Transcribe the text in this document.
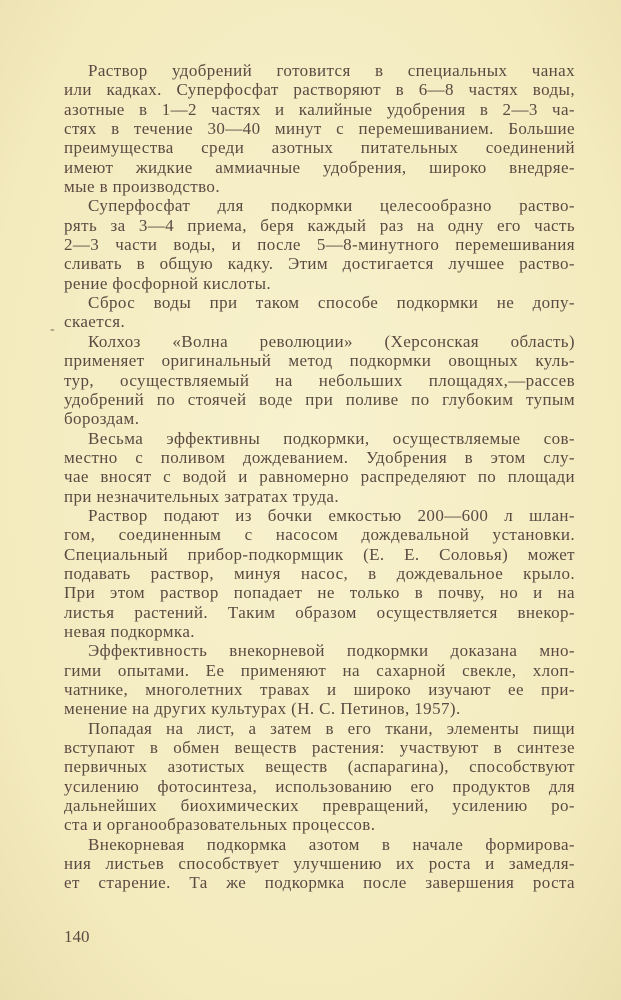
Раствор удобрений готовится в специальных чанах
или кадках. Суперфосфат растворяют в 6—8 частях воды,
азотные в 1—2 частях и калийные удобрения в 2—3 ча-
стях в течение 30—40 минут с перемешиванием. Большие
преимущества среди азотных питательных соединений
имеют жидкие аммиачные удобрения, широко внедряе-
мые в производство.
Суперфосфат для подкормки целесообразно раство-
рять за 3—4 приема, беря каждый раз на одну его часть
2—3 части воды, и после 5—8-минутного перемешивания
сливать в общую кадку. Этим достигается лучшее раство-
рение фосфорной кислоты.
Сброс воды при таком способе подкормки не допу-
скается.
Колхоз «Волна революции» (Херсонская область)
применяет оригинальный метод подкормки овощных куль-
тур, осуществляемый на небольших площадях,—рассев
удобрений по стоячей воде при поливе по глубоким тупым
бороздам.
Весьма эффективны подкормки, осуществляемые сов-
местно с поливом дождеванием. Удобрения в этом слу-
чае вносят с водой и равномерно распределяют по площади
при незначительных затратах труда.
Раствор подают из бочки емкостью 200—600 л шлан-
гом, соединенным с насосом дождевальной установки.
Специальный прибор-подкормщик (Е. Е. Соловья) может
подавать раствор, минуя насос, в дождевальное крыло.
При этом раствор попадает не только в почву, но и на
листья растений. Таким образом осуществляется внекор-
невая подкормка.
Эффективность внекорневой подкормки доказана мно-
гими опытами. Ее применяют на сахарной свекле, хлоп-
чатнике, многолетних травах и широко изучают ее при-
менение на других культурах (Н. С. Петинов, 1957).
Попадая на лист, а затем в его ткани, элементы пищи
вступают в обмен веществ растения: участвуют в синтезе
первичных азотистых веществ (аспарагина), способствуют
усилению фотосинтеза, использованию его продуктов для
дальнейших биохимических превращений, усилению ро-
ста и органообразовательных процессов.
Внекорневая подкормка азотом в начале формирова-
ния листьев способствует улучшению их роста и замедля-
ет старение. Та же подкормка после завершения роста
-
140
